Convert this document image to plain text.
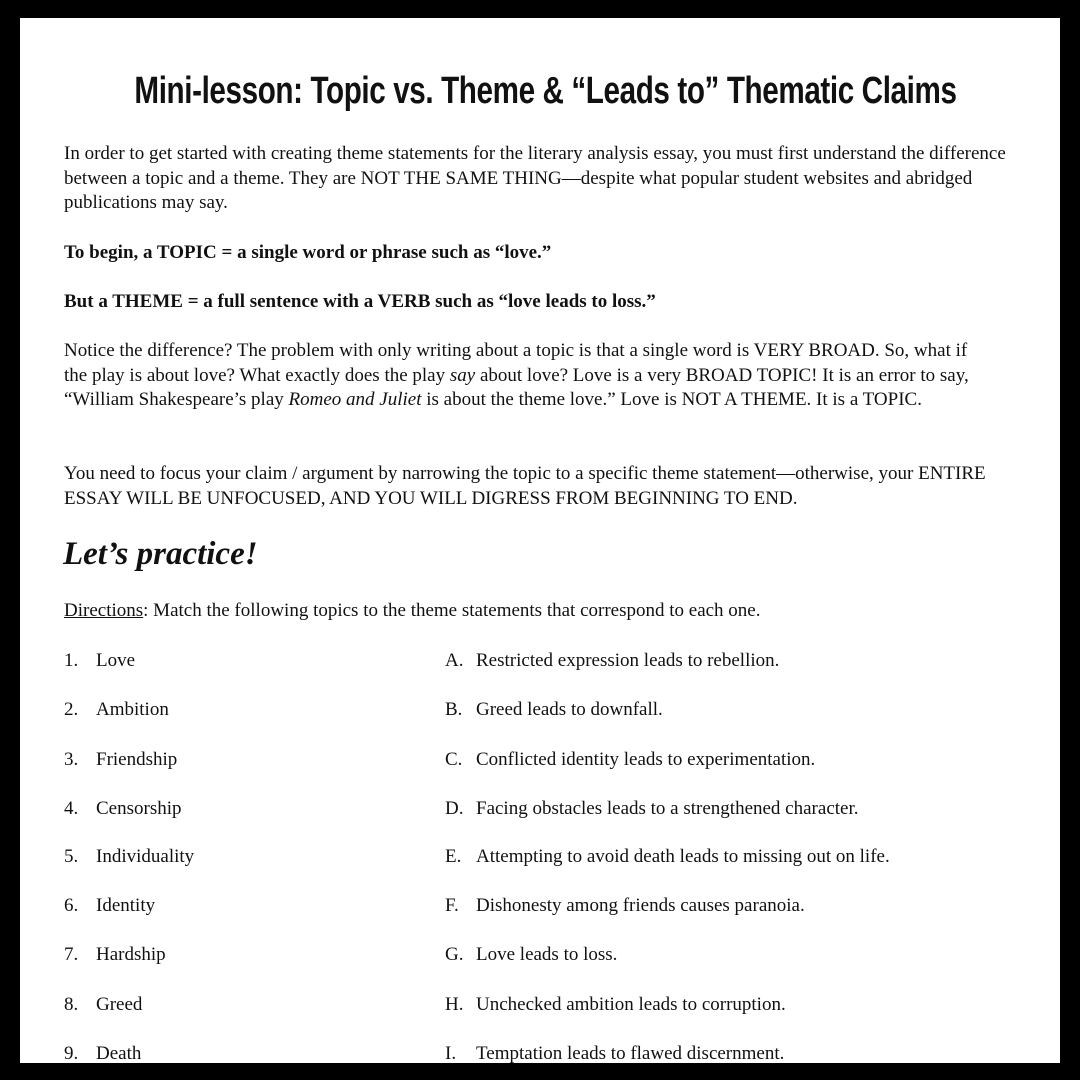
Mini-lesson: Topic vs. Theme & “Leads to” Thematic Claims
In order to get started with creating theme statements for the literary analysis essay, you must first understand the difference between a topic and a theme. They are NOT THE SAME THING—despite what popular student websites and abridged publications may say.
To begin, a TOPIC = a single word or phrase such as “love.”
But a THEME = a full sentence with a VERB such as “love leads to loss.”
Notice the difference? The problem with only writing about a topic is that a single word is VERY BROAD. So, what if the play is about love? What exactly does the play say about love? Love is a very BROAD TOPIC! It is an error to say, “William Shakespeare’s play Romeo and Juliet is about the theme love.” Love is NOT A THEME. It is a TOPIC.
You need to focus your claim / argument by narrowing the topic to a specific theme statement—otherwise, your ENTIRE ESSAY WILL BE UNFOCUSED, AND YOU WILL DIGRESS FROM BEGINNING TO END.
Let’s practice!
Directions: Match the following topics to the theme statements that correspond to each one.
1. Love	A. Restricted expression leads to rebellion.
2. Ambition	B. Greed leads to downfall.
3. Friendship	C. Conflicted identity leads to experimentation.
4. Censorship	D. Facing obstacles leads to a strengthened character.
5. Individuality	E. Attempting to avoid death leads to missing out on life.
6. Identity	F. Dishonesty among friends causes paranoia.
7. Hardship	G. Love leads to loss.
8. Greed	H. Unchecked ambition leads to corruption.
9. Death	I. Temptation leads to flawed discernment.
